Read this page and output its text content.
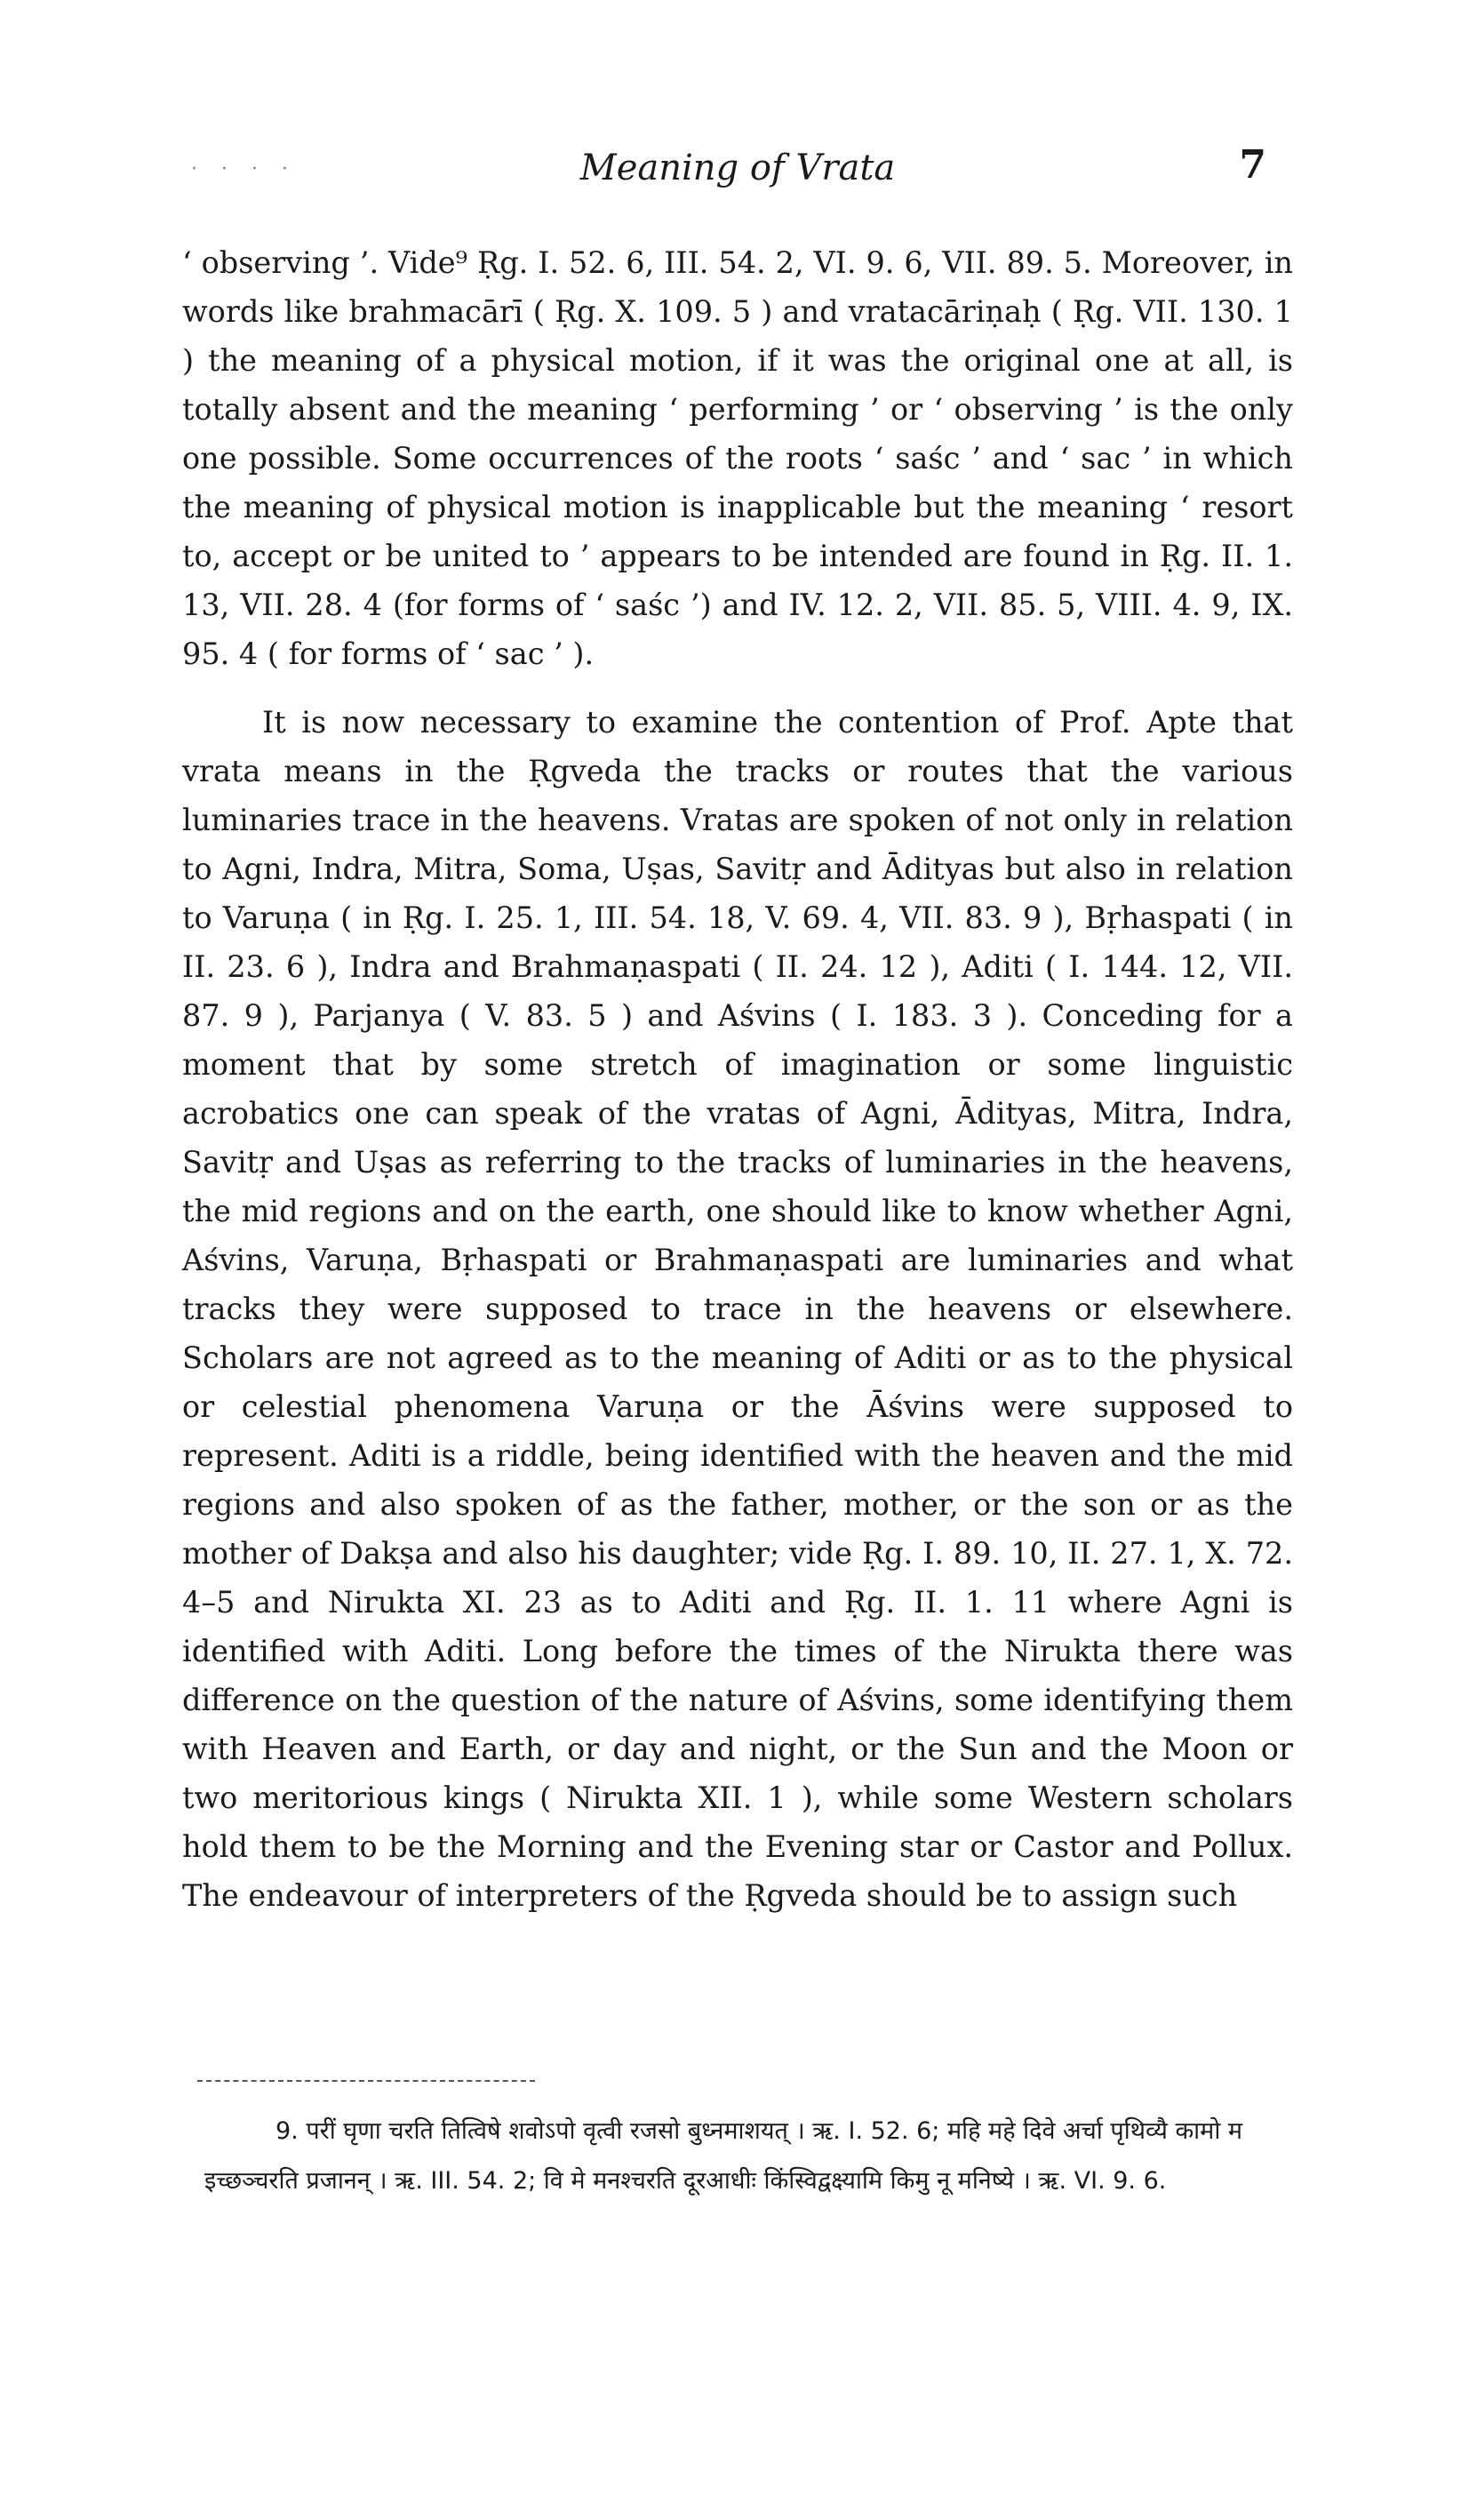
· · · ·	Meaning of Vrata	7

‘ observing ’. Vide⁹ Ṛg. I. 52. 6, III. 54. 2, VI. 9. 6, VII. 89. 5. Moreover, in words like brahmacārī ( Ṛg. X. 109. 5 ) and vratacāriṇaḥ ( Ṛg. VII. 130. 1 ) the meaning of a physical motion, if it was the original one at all, is totally absent and the meaning ‘ performing ’ or ‘ observing ’ is the only one possible. Some occurrences of the roots ‘ saśc ’ and ‘ sac ’ in which the meaning of physical motion is inapplicable but the meaning ‘ resort to, accept or be united to ’ appears to be intended are found in Ṛg. II. 1. 13, VII. 28. 4 (for forms of ‘ saśc ’) and IV. 12. 2, VII. 85. 5, VIII. 4. 9, IX. 95. 4 ( for forms of ‘ sac ’ ).

It is now necessary to examine the contention of Prof. Apte that vrata means in the Ṛgveda the tracks or routes that the various luminaries trace in the heavens. Vratas are spoken of not only in relation to Agni, Indra, Mitra, Soma, Uṣas, Savitṛ and Ādityas but also in relation to Varuṇa ( in Ṛg. I. 25. 1, III. 54. 18, V. 69. 4, VII. 83. 9 ), Bṛhaspati ( in II. 23. 6 ), Indra and Brahmaṇaspati ( II. 24. 12 ), Aditi ( I. 144. 12, VII. 87. 9 ), Parjanya ( V. 83. 5 ) and Aśvins ( I. 183. 3 ). Conceding for a moment that by some stretch of imagination or some linguistic acrobatics one can speak of the vratas of Agni, Ādityas, Mitra, Indra, Savitṛ and Uṣas as referring to the tracks of luminaries in the heavens, the mid regions and on the earth, one should like to know whether Agni, Aśvins, Varuṇa, Bṛhaspati or Brahmaṇaspati are luminaries and what tracks they were supposed to trace in the heavens or elsewhere. Scholars are not agreed as to the meaning of Aditi or as to the physical or celestial phenomena Varuṇa or the Āśvins were supposed to represent. Aditi is a riddle, being identified with the heaven and the mid regions and also spoken of as the father, mother, or the son or as the mother of Dakṣa and also his daughter; vide Ṛg. I. 89. 10, II. 27. 1, X. 72. 4–5 and Nirukta XI. 23 as to Aditi and Ṛg. II. 1. 11 where Agni is identified with Aditi. Long before the times of the Nirukta there was difference on the question of the nature of Aśvins, some identifying them with Heaven and Earth, or day and night, or the Sun and the Moon or two meritorious kings ( Nirukta XII. 1 ), while some Western scholars hold them to be the Morning and the Evening star or Castor and Pollux. The endeavour of interpreters of the Ṛgveda should be to assign such

9. परीं घृणा चरति तित्विषे शवोऽपो वृत्वी रजसो बुध्नमाशयत् । ऋ. I. 52. 6; महि महे दिवे अर्चा पृथिव्यै कामो म इच्छञ्चरति प्रजानन् । ऋ. III. 54. 2; वि मे मनश्चरति दूरआधीः किंस्विद्वक्ष्यामि किमु नू मनिष्ये । ऋ. VI. 9. 6.
